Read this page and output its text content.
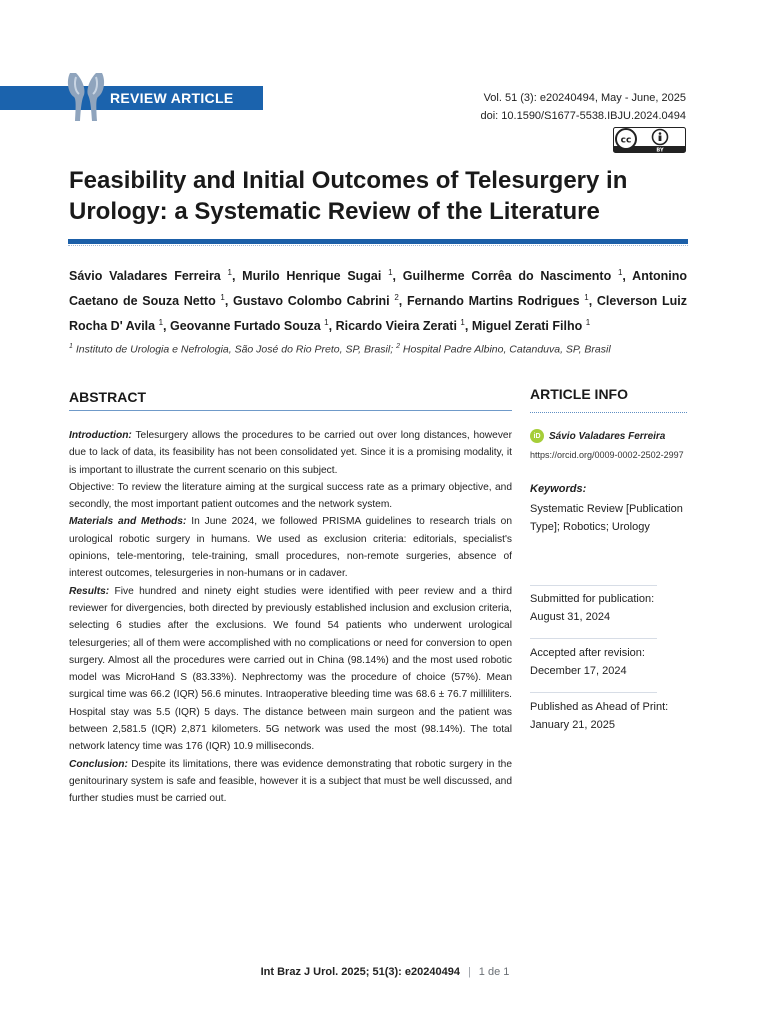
REVIEW ARTICLE	Vol. 51 (3): e20240494, May - June, 2025
doi: 10.1590/S1677-5538.IBJU.2024.0494
cc
BY
Feasibility and Initial Outcomes of Telesurgery in Urology: a Systematic Review of the Literature
Sávio Valadares Ferreira $^1$, Murilo Henrique Sugai $^1$, Guilherme Corrêa do Nascimento $^1$, Antonino Caetano de Souza Netto $^1$, Gustavo Colombo Cabrini $^2$, Fernando Martins Rodrigues $^1$, Cleverson Luiz Rocha D' Avila $^1$, Geovanne Furtado Souza $^1$, Ricardo Vieira Zerati $^1$, Miguel Zerati Filho $^1$
$^1$ Instituto de Urologia e Nefrologia, São José do Rio Preto, SP, Brasil; $^2$ Hospital Padre Albino, Catanduva, SP, Brasil
ABSTRACT

Introduction: Telesurgery allows the procedures to be carried out over long distances, however due to lack of data, its feasibility has not been consolidated yet. Since it is a promising modality, it is important to illustrate the current scenario on this subject.

Objective: To review the literature aiming at the surgical success rate as a primary objective, and secondly, the most important patient outcomes and the network system.

Materials and Methods: In June 2024, we followed PRISMA guidelines to research trials on urological robotic surgery in humans. We used as exclusion criteria: editorials, specialist's opinions, tele-mentoring, tele-training, small procedures, non-remote surgeries, absence of interest outcomes, telesurgeries in non-humans or in cadaver.

Results: Five hundred and ninety eight studies were identified with peer review and a third reviewer for divergencies, both directed by previously established inclusion and exclusion criteria, selecting 6 studies after the exclusions. We found 54 patients who underwent urological telesurgeries; all of them were accomplished with no complications or need for conversion to open surgery. Almost all the procedures were carried out in China (98.14%) and the most used robotic model was MicroHand S (83.33%). Nephrectomy was the procedure of choice (57%). Mean surgical time was 66.2 (IQR) 56.6 minutes. Intraoperative bleeding time was 68.6 ± 76.7 milliliters. Hospital stay was 5.5 (IQR) 5 days. The distance between main surgeon and the patient was between 2,581.5 (IQR) 2,871 kilometers. 5G network was used the most (98.14%). The total network latency time was 176 (IQR) 10.9 milliseconds.

Conclusion: Despite its limitations, there was evidence demonstrating that robotic surgery in the genitourinary system is safe and feasible, however it is a subject that must be well discussed, and further studies must be carried out.

ARTICLE INFO
iD Sávio Valadares Ferreira
https://orcid.org/0009-0002-2502-2997
Keywords:
Systematic Review [Publication Type]; Robotics; Urology
Submitted for publication:
August 31, 2024
Accepted after revision:
December 17, 2024
Published as Ahead of Print:
January 21, 2025
Int Braz J Urol. 2025; 51(3): e20240494 | 1 de 1
